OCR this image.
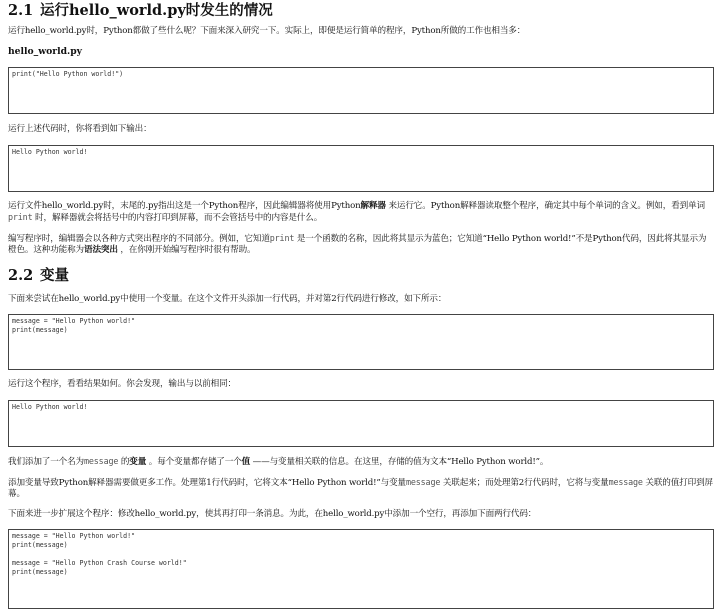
2.1 运行hello_world.py时发生的情况
运行hello_world.py时，Python都做了些什么呢？下面来深入研究一下。实际上，即便是运行简单的程序，Python所做的工作也相当多：
hello_world.py
print("Hello Python world!")
运行上述代码时，你将看到如下输出：
Hello Python world!
运行文件hello_world.py时，末尾的.py指出这是一个Python程序，因此编辑器将使用Python解释器 来运行它。Python解释器读取整个程序，确定其中每个单词的含义。例如，看到单词print 时，解释器就会将括号中的内容打印到屏幕，而不会管括号中的内容是什么。
编写程序时，编辑器会以各种方式突出程序的不同部分。例如，它知道print 是一个函数的名称，因此将其显示为蓝色；它知道“Hello Python world!”不是Python代码，因此将其显示为橙色。这种功能称为语法突出 ，在你刚开始编写程序时很有帮助。
2.2 变量
下面来尝试在hello_world.py中使用一个变量。在这个文件开头添加一行代码，并对第2行代码进行修改，如下所示：
message = "Hello Python world!"
print(message)
运行这个程序，看看结果如何。你会发现，输出与以前相同：
Hello Python world!
我们添加了一个名为message 的变量 。每个变量都存储了一个值 ——与变量相关联的信息。在这里，存储的值为文本“Hello Python world!”。
添加变量导致Python解释器需要做更多工作。处理第1行代码时，它将文本“Hello Python world!”与变量message 关联起来；而处理第2行代码时，它将与变量message 关联的值打印到屏幕。
下面来进一步扩展这个程序：修改hello_world.py，使其再打印一条消息。为此，在hello_world.py中添加一个空行，再添加下面两行代码：
message = "Hello Python world!"
print(message)

message = "Hello Python Crash Course world!"
print(message)
